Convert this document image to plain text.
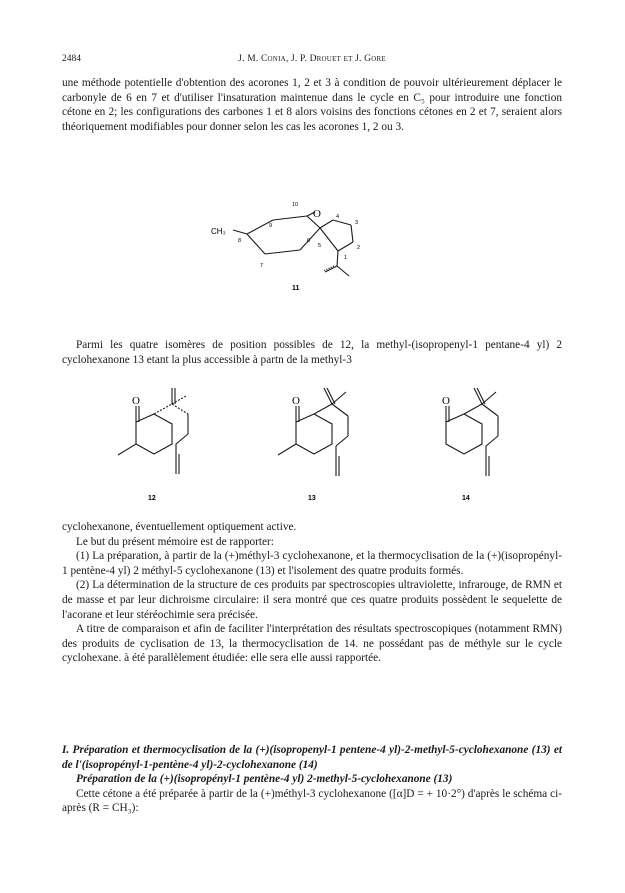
2484	J. M. Conia, J. P. Drouet et J. Gore

une méthode potentielle d'obtention des acorones 1, 2 et 3 à condition de pouvoir ultérieurement déplacer le carbonyle de 6 en 7 et d'utiliser l'insaturation maintenue dans le cycle en C₅ pour introduire une fonction cétone en 2; les configurations des carbones 1 et 8 alors voisins des fonctions cétones en 2 et 7, seraient alors théoriquement modifiables pour donner selon les cas les acorones 1, 2 ou 3.

O
CH₃
10
9
8
7
6
5
4
3
2
1
11

Parmi les quatre isomères de position possibles de 12, la methyl-(isopropenyl-1 pentane-4 yl) 2 cyclohexanone 13 etant la plus accessible à partn de la methyl-3

O
12
O
13
O
14

cyclohexanone, éventuellement optiquement active.

Le but du présent mémoire est de rapporter:

(1) La préparation, à partir de la (+)méthyl-3 cyclohexanone, et la thermocyclisation de la (+)(isopropényl-1 pentène-4 yl) 2 méthyl-5 cyclohexanone (13) et l'isolement des quatre produits formés.

(2) La détermination de la structure de ces produits par spectroscopies ultraviolette, infrarouge, de RMN et de masse et par leur dichroisme circulaire: il sera montré que ces quatre produits possèdent le sequelette de l'acorane et leur stéréochimie sera précisée.

A titre de comparaison et afin de faciliter l'interprétation des résultats spectroscopiques (notamment RMN) des produits de cyclisation de 13, la thermocyclisation de 14. ne possédant pas de méthyle sur le cycle cyclohexane. à été parallèlement étudiée: elle sera elle aussi rapportée.

I. Préparation et thermocyclisation de la (+)(isopropenyl-1 pentene-4 yl)-2-methyl-5-cyclohexanone (13) et de l'(isopropényl-1-pentène-4 yl)-2-cyclohexanone (14)

Préparation de la (+)(isopropényl-1 pentène-4 yl) 2-methyl-5-cyclohexanone (13)

Cette cétone a été préparée à partir de la (+)méthyl-3 cyclohexanone ([α]D = + 10·2°) d'après le schéma ci-après (R = CH₃):
